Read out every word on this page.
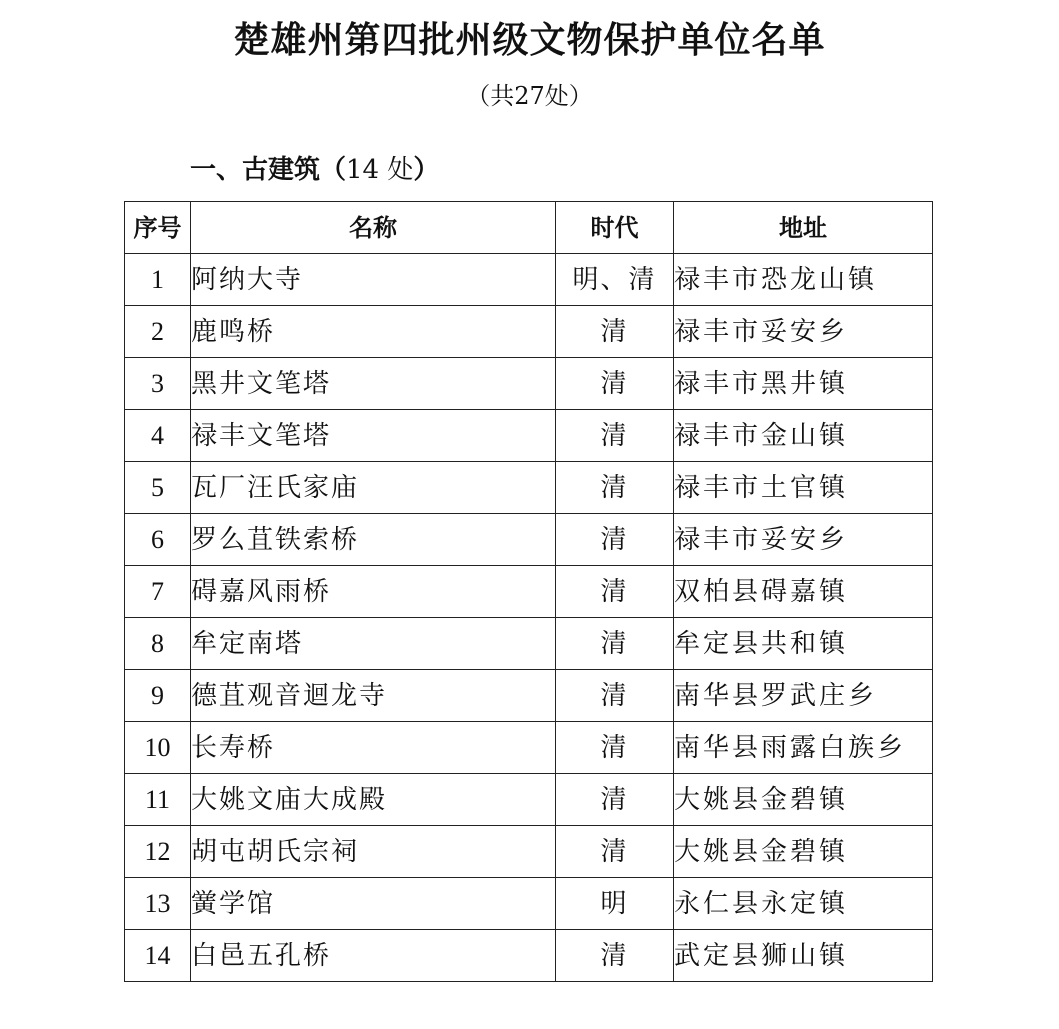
楚雄州第四批州级文物保护单位名单
（共27处）
一、古建筑（14 处）
序号	名称	时代	地址
1	阿纳大寺	明、清	禄丰市恐龙山镇
2	鹿鸣桥	清	禄丰市妥安乡
3	黑井文笔塔	清	禄丰市黑井镇
4	禄丰文笔塔	清	禄丰市金山镇
5	瓦厂汪氏家庙	清	禄丰市土官镇
6	罗么苴铁索桥	清	禄丰市妥安乡
7	碍嘉风雨桥	清	双柏县碍嘉镇
8	牟定南塔	清	牟定县共和镇
9	德苴观音迴龙寺	清	南华县罗武庄乡
10	长寿桥	清	南华县雨露白族乡
11	大姚文庙大成殿	清	大姚县金碧镇
12	胡屯胡氏宗祠	清	大姚县金碧镇
13	黉学馆	明	永仁县永定镇
14	白邑五孔桥	清	武定县狮山镇
